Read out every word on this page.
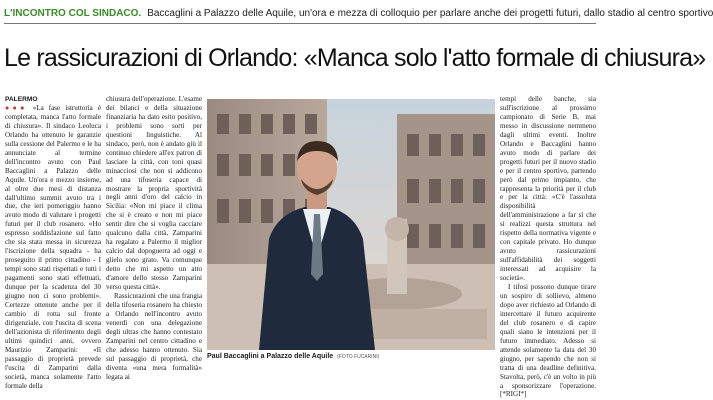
L'INCONTRO COL SINDACO. Baccaglini a Palazzo delle Aquile, un'ora e mezza di colloquio per parlare anche dei progetti futuri, dallo stadio al centro sportivo
Le rassicurazioni di Orlando: «Manca solo l'atto formale di chiusura»
PALERMO

●●● «La fase istruttoria è completata, manca l'atto formale di chiusura». Il sindaco Leoluca Orlando ha ottenuto le garanzie sulla cessione del Palermo e le ha annunciate al termine dell'incontro avuto con Paul Baccaglini a Palazzo delle Aquile. Un'ora e mezzo insieme, al oltre due mesi di distanza dall'ultimo summit avuto tra i due, che ieri pomeriggio hanno avuto modo di valutare i progetti futuri per il club rosanero. «Ho espresso soddisfazione sul fatto che sia stata messa in sicurezza l'iscrizione della squadra - ha proseguito il primo cittadino - I tempi sono stati rispettati e tutti i pagamenti sono stati effettuati, dunque per la scadenza del 30 giugno non ci sono problemi». Certezze ottenute anche per il cambio di rotta sul fronte dirigenziale, con l'uscita di scena dell'azionista di riferimento degli ultimi quindici anni, ovvero Maurizio Zamparini: «Il passaggio di proprietà prevede l'uscita di Zamparini dalla società, manca solamente l'atto formale della

chiusura dell'operazione. L'esame dei bilanci e della situazione finanziaria ha dato esito positivo, i problemi sono sorti per questioni linguistiche. Al sindaco, però, non è andato giù il continuo chiedere all'ex patron di lasciare la città, con toni quasi minacciosi che non si addicono ad una tifoseria capace di mostrare la propria sportività negli anni d'oro del calcio in Sicilia: «Non mi piace il clima che si è creato e non mi piace sentir dire che si voglia cacciare qualcuno dalla città, Zamparini ha regalato a Palermo il miglior calcio dal dopoguerra ad oggi e glielo sono grato. Va comunque detto che mi aspetto un atto d'amore dello stesso Zamparini verso questa città».

Rassicurazioni che una frangia della tifoseria rosanero ha chiesto a Orlando nell'incontro avuto venerdì con una delegazione degli ultras che hanno contestato Zamparini nel centro cittadino e che adesso hanno ottenuto. Sia sul passaggio di proprietà, che diventa «una mera formalità» legata ai

Paul Baccaglini a Palazzo delle Aquile (FOTO FUCARINI)

tempi delle banche, sia sull'iscrizione al prossimo campionato di Serie B, mai messo in discussione nemmeno dagli ultimi eventi. Inoltre Orlando e Baccaglini hanno avuto modo di parlare dei progetti futuri per il nuovo stadio e per il centro sportivo, partendo però dal primo impianto, che rappresenta la priorità per il club e per la città: «C'è l'assoluta disponibilità dell'amministrazione a far sì che si realizzi questa struttura nel rispetto della normativa vigente e con capitale privato. Ho dunque avuto rassicurazioni sull'affidabilità dei soggetti interessati ad acquisire la società».

I tifosi possono dunque tirare un sospiro di sollievo, almeno dopo aver richiesto ad Orlando di intercettare il futuro acquirente del club rosanero e di capire quali siano le intenzioni per il futuro immediato. Adesso si attende solamente la data del 30 giugno, per sapendo che non si tratta di una deadline definitiva. Stavolta, però, c'è un volto in più a sponsorizzare l'operazione. [*RIGI*]
